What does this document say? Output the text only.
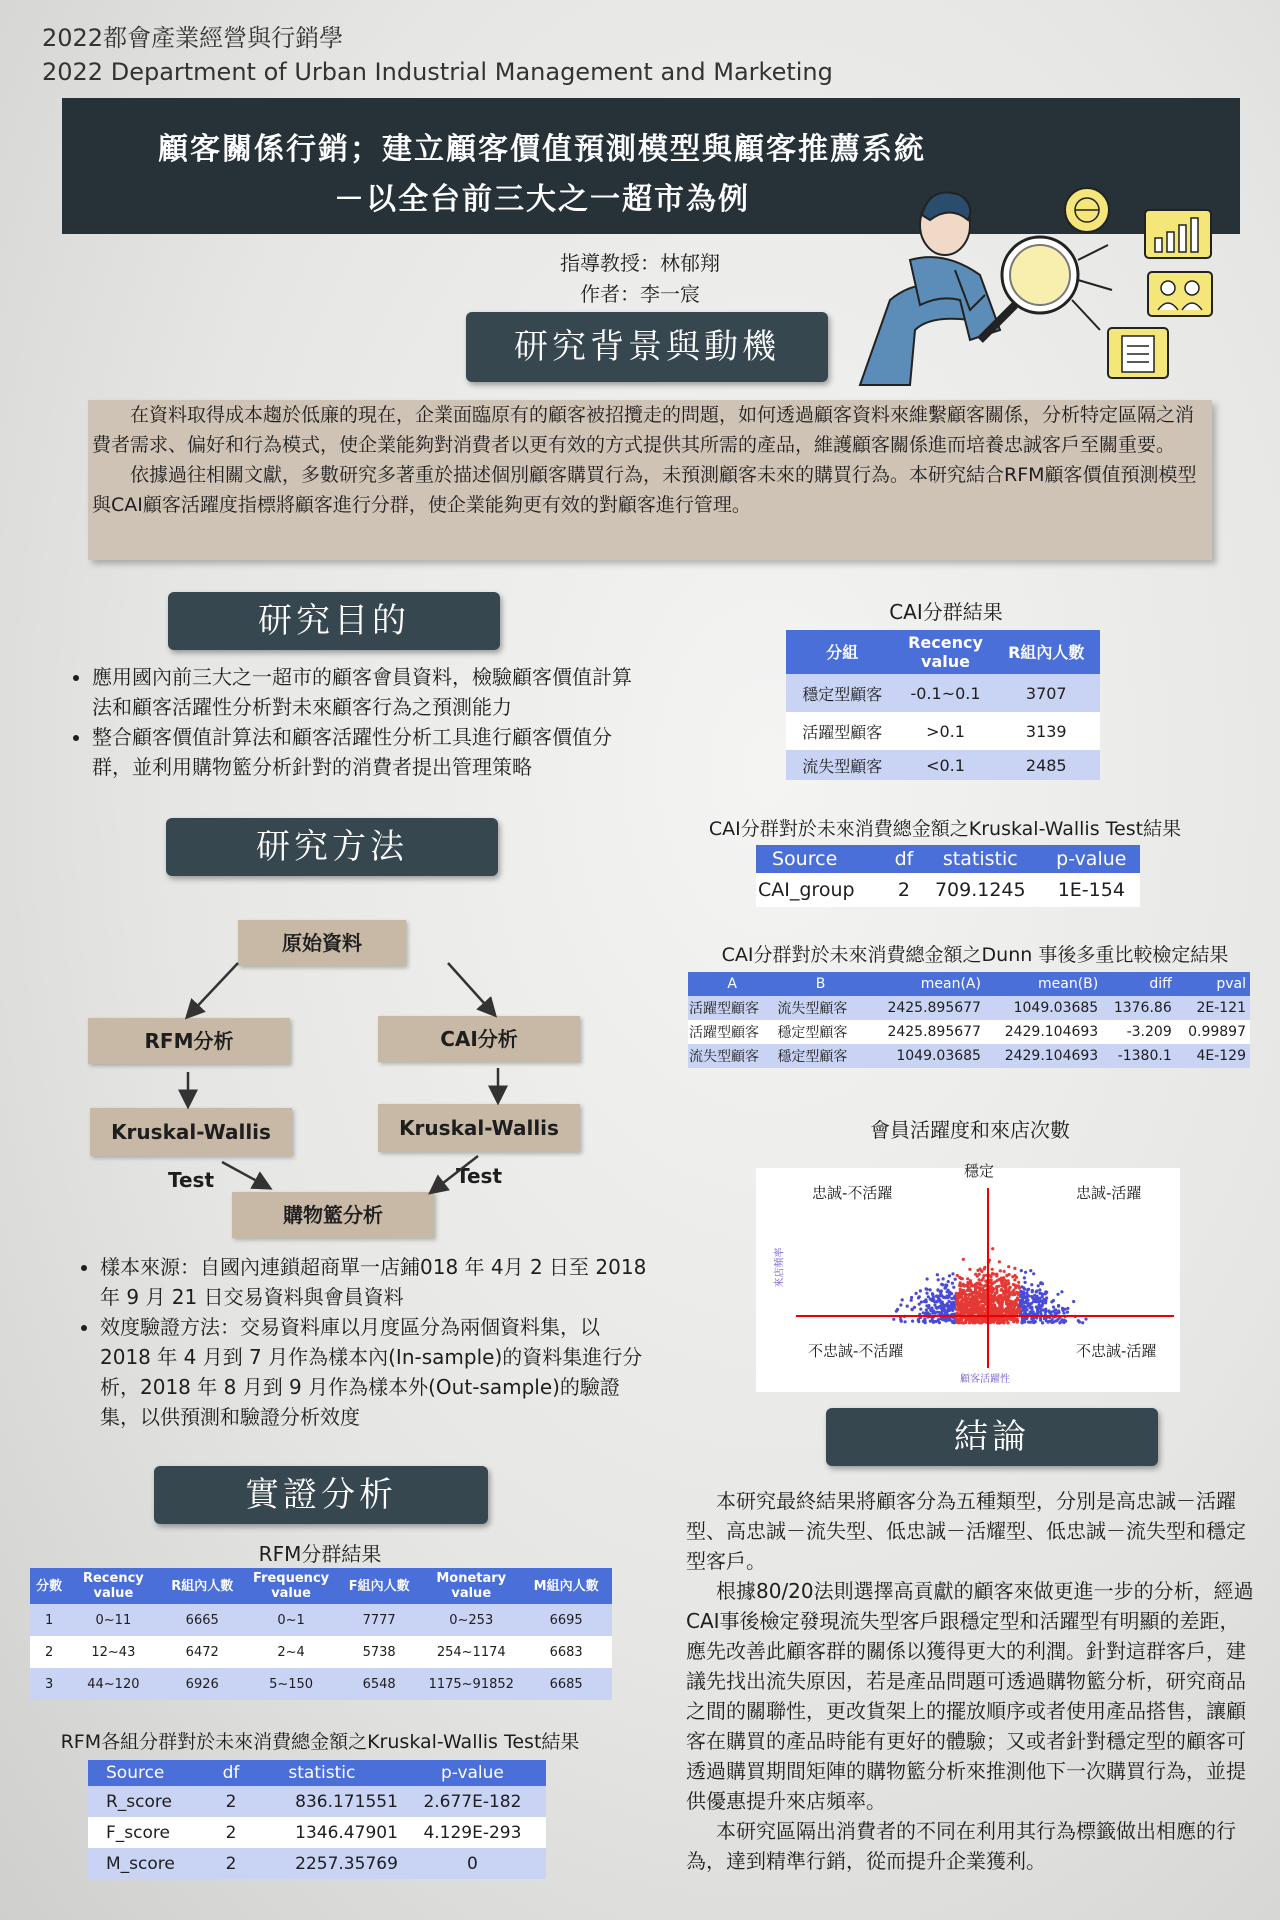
2022都會產業經營與行銷學
2022 Department of Urban Industrial Management and Marketing
顧客關係行銷；建立顧客價值預測模型與顧客推薦系統
－以全台前三大之一超市為例
指導教授：林郁翔
作者：李一宸
研究背景與動機

在資料取得成本趨於低廉的現在，企業面臨原有的顧客被招攬走的問題，如何透過顧客資料來維繫顧客關係，分析特定區隔之消費者需求、偏好和行為模式，使企業能夠對消費者以更有效的方式提供其所需的產品，維護顧客關係進而培養忠誠客戶至關重要。

依據過往相關文獻，多數研究多著重於描述個別顧客購買行為，未預測顧客未來的購買行為。本研究結合RFM顧客價值預測模型與CAI顧客活躍度指標將顧客進行分群，使企業能夠更有效的對顧客進行管理。

研究目的
• 應用國內前三大之一超市的顧客會員資料，檢驗顧客價值計算法和顧客活躍性分析對未來顧客行為之預測能力
• 整合顧客價值計算法和顧客活躍性分析工具進行顧客價值分群，並利用購物籃分析針對的消費者提出管理策略
研究方法
原始資料
RFM分析	CAI分析
Kruskal-Wallis Test
Kruskal-Wallis Test
購物籃分析
• 樣本來源：自國內連鎖超商單一店鋪018 年 4月 2 日至 2018 年 9 月 21 日交易資料與會員資料
• 效度驗證方法：交易資料庫以月度區分為兩個資料集，以 2018 年 4 月到 7 月作為樣本內(In-sample)的資料集進行分析，2018 年 8 月到 9 月作為樣本外(Out-sample)的驗證集，以供預測和驗證分析效度
實證分析
RFM分群結果
分數	Recency value	R組內人數	Frequency value	F組內人數	Monetary value	M組內人數
1	0~11	6665	0~1	7777	0~253	6695
2	12~43	6472	2~4	5738	254~1174	6683
3	44~120	6926	5~150	6548	1175~91852	6685
RFM各組分群對於未來消費總金額之Kruskal-Wallis Test結果
Source	df	statistic	p-value
R_score	2	836.171551	2.677E-182
F_score	2	1346.47901	4.129E-293
M_score	2	2257.35769	0
CAI分群結果
分組	Recency value	R組內人數
穩定型顧客	-0.1~0.1	3707
活躍型顧客	>0.1	3139
流失型顧客	<0.1	2485
CAI分群對於未來消費總金額之Kruskal-Wallis Test結果
Source	df	statistic	p-value
CAI_group	2	709.1245	1E-154
CAI分群對於未來消費總金額之Dunn 事後多重比較檢定結果
A	B	mean(A)	mean(B)	diff	pval
活躍型顧客	流失型顧客	2425.895677	1049.03685	1376.86	2E-121
活躍型顧客	穩定型顧客	2425.895677	2429.104693	-3.209	0.99897
流失型顧客	穩定型顧客	1049.03685	2429.104693	-1380.1	4E-129
會員活躍度和來店次數
穩定
忠誠-不活躍	忠誠-活躍
不忠誠-不活躍	不忠誠-活躍
顧客活躍性
來店頻率
結論

本研究最終結果將顧客分為五種類型，分別是高忠誠－活躍型、高忠誠－流失型、低忠誠－活耀型、低忠誠－流失型和穩定型客戶。

根據80/20法則選擇高貢獻的顧客來做更進一步的分析，經過CAI事後檢定發現流失型客戶跟穩定型和活躍型有明顯的差距，應先改善此顧客群的關係以獲得更大的利潤。針對這群客戶，建議先找出流失原因，若是產品問題可透過購物籃分析，研究商品之間的關聯性，更改貨架上的擺放順序或者使用產品搭售，讓顧客在購買的產品時能有更好的體驗；又或者針對穩定型的顧客可透過購買期間矩陣的購物籃分析來推測他下一次購買行為，並提供優惠提升來店頻率。

本研究區隔出消費者的不同在利用其行為標籤做出相應的行為，達到精準行銷，從而提升企業獲利。
